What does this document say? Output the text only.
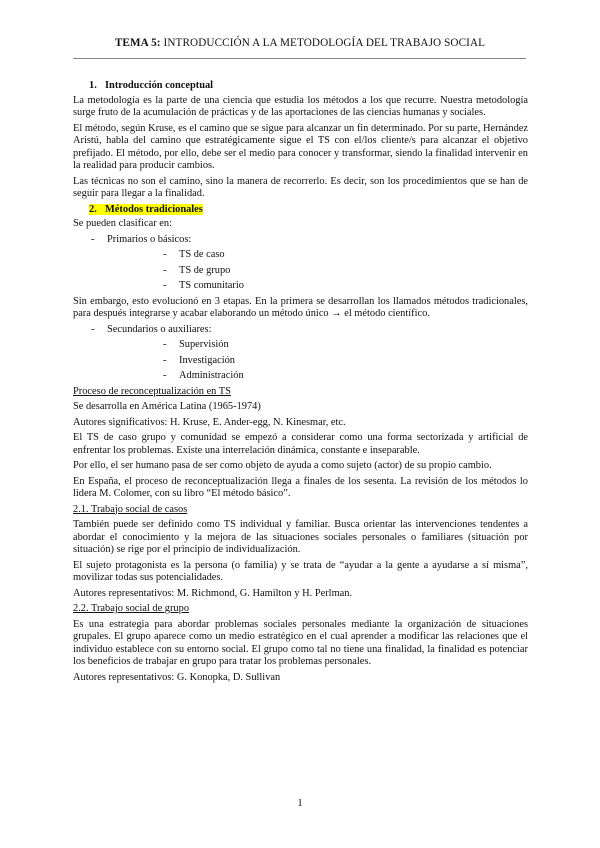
TEMA 5: INTRODUCCIÓN A LA METODOLOGÍA DEL TRABAJO SOCIAL
1. Introducción conceptual

La metodología es la parte de una ciencia que estudia los métodos a los que recurre. Nuestra metodología surge fruto de la acumulación de prácticas y de las aportaciones de las ciencias humanas y sociales.

El método, según Kruse, es el camino que se sigue para alcanzar un fin determinado. Por su parte, Hernández Aristú, habla del camino que estratégicamente sigue el TS con el/los cliente/s para alcanzar el objetivo prefijado. El método, por ello, debe ser el medio para conocer y transformar, siendo la finalidad intervenir en la realidad para producir cambios.

Las técnicas no son el camino, sino la manera de recorrerlo. Es decir, son los procedimientos que se han de seguir para llegar a la finalidad.

2. Métodos tradicionales

Se pueden clasificar en:

- Primarios o básicos:
- TS de caso
- TS de grupo
- TS comunitario

Sin embargo, esto evolucionó en 3 etapas. En la primera se desarrollan los llamados métodos tradicionales, para después integrarse y acabar elaborando un método único → el método científico.

- Secundarios o auxiliares:
- Supervisión
- Investigación
- Administración

Proceso de reconceptualización en TS

Se desarrolla en América Latina (1965-1974)

Autores significativos: H. Kruse, E. Ander-egg, N. Kinesmar, etc.

El TS de caso grupo y comunidad se empezó a considerar como una forma sectorizada y artificial de enfrentar los problemas. Existe una interrelación dinámica, constante e inseparable.

Por ello, el ser humano pasa de ser como objeto de ayuda a como sujeto (actor) de su propio cambio.

En España, el proceso de reconceptualización llega a finales de los sesenta. La revisión de los métodos lo lidera M. Colomer, con su libro “El método básico”.

2.1. Trabajo social de casos

También puede ser definido como TS individual y familiar. Busca orientar las intervenciones tendentes a abordar el conocimiento y la mejora de las situaciones sociales personales o familiares (situación por situación) se rige por el principio de individualización.

El sujeto protagonista es la persona (o familia) y se trata de “ayudar a la gente a ayudarse a sí misma”, movilizar todas sus potencialidades.

Autores representativos: M. Richmond, G. Hamilton y H. Perlman.

2.2. Trabajo social de grupo

Es una estrategia para abordar problemas sociales personales mediante la organización de situaciones grupales. El grupo aparece como un medio estratégico en el cual aprender a modificar las relaciones que el individuo establece con su entorno social. El grupo como tal no tiene una finalidad, la finalidad es potenciar los beneficios de trabajar en grupo para tratar los problemas personales.

Autores representativos: G. Konopka, D. Sullivan

1
